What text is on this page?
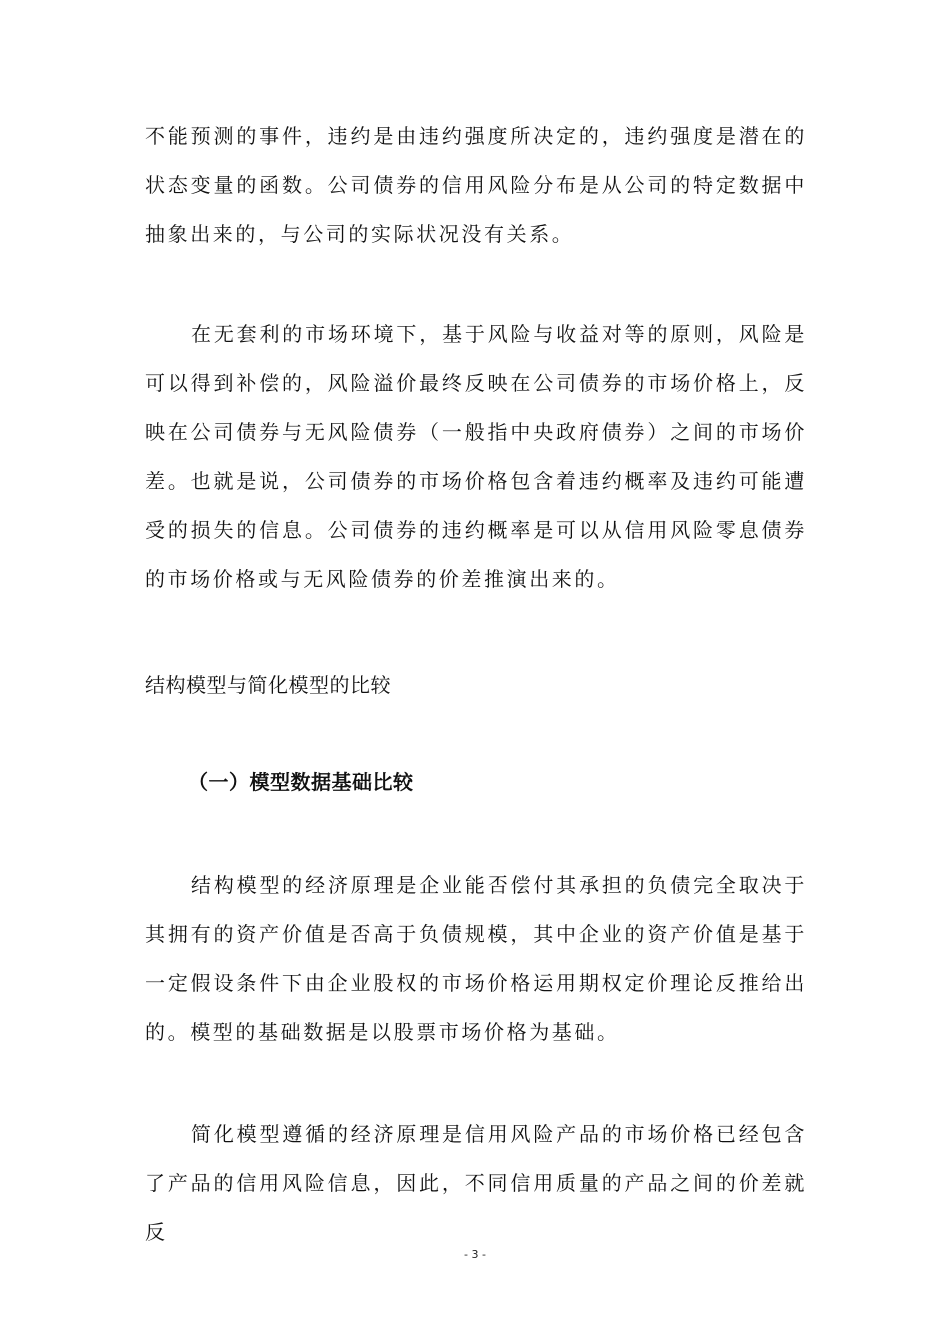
不能预测的事件，违约是由违约强度所决定的，违约强度是潜在的状态变量的函数。公司债券的信用风险分布是从公司的特定数据中抽象出来的，与公司的实际状况没有关系。

在无套利的市场环境下，基于风险与收益对等的原则，风险是可以得到补偿的，风险溢价最终反映在公司债券的市场价格上，反映在公司债券与无风险债券（一般指中央政府债券）之间的市场价差。也就是说，公司债券的市场价格包含着违约概率及违约可能遭受的损失的信息。公司债券的违约概率是可以从信用风险零息债券的市场价格或与无风险债券的价差推演出来的。

结构模型与简化模型的比较
（一）模型数据基础比较

结构模型的经济原理是企业能否偿付其承担的负债完全取决于其拥有的资产价值是否高于负债规模，其中企业的资产价值是基于一定假设条件下由企业股权的市场价格运用期权定价理论反推给出的。模型的基础数据是以股票市场价格为基础。

简化模型遵循的经济原理是信用风险产品的市场价格已经包含了产品的信用风险信息，因此，不同信用质量的产品之间的价差就反

- 3 -
